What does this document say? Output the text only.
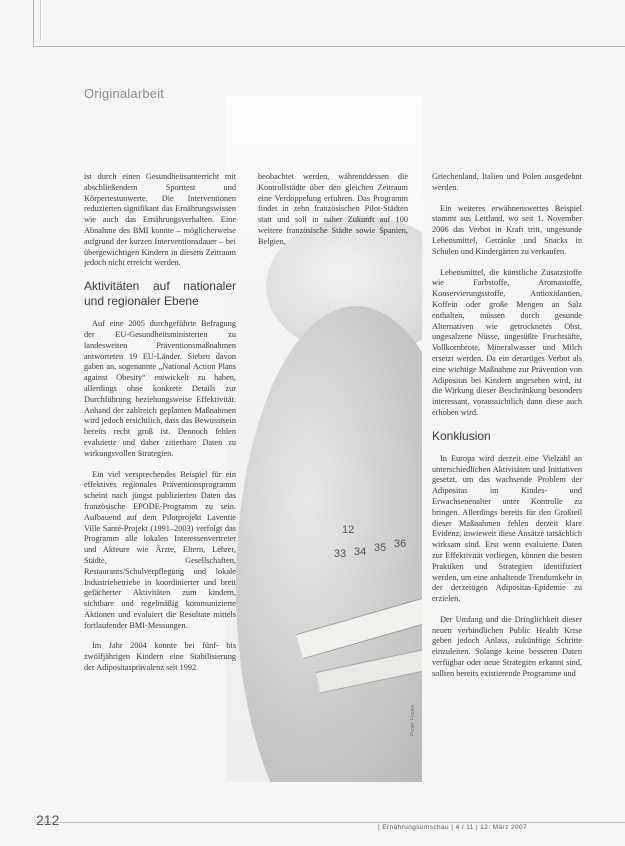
Originalarbeit
12
33 34 35 36
Photo: Fotolia

ist durch einen Gesundheitsunterricht mit abschließendem Sporttest und Körpertestunwerte. Die Interventionen reduzierten signifikant das Ernährungswissen wie auch das Ernährungsverhalten. Eine Abnahme des BMI konnte – möglicherweise aufgrund der kurzen Interventionsdauer – bei übergewichtigen Kindern in diesem Zeitraum jedoch nicht erreicht werden.

Aktivitäten auf nationaler und regionaler Ebene

Auf eine 2005 durchgeführte Befragung der EU-Gesundheitsministerien zu landesweiten Präventionsmaßnahmen antworteten 19 EU-Länder. Sieben davon gaben an, sogenannte „National Action Plans against Obesity“ entwickelt zu haben, allerdings ohne konkrete Details zur Durchführung beziehungsweise Effektivität. Anhand der zahlreich geplanten Maßnahmen wird jedoch ersichtlich, dass das Bewusstsein bereits recht groß ist. Dennoch fehlen evaluierte und daher zitierbare Daten zu wirkungsvollen Strategien.

Ein viel versprechendes Beispiel für ein effektives regionales Präventionsprogramm scheint nach jüngst publizierten Daten das französische EPODE-Programm zu sein. Aufbauend auf dem Pilotprojekt Laventie Ville Santé-Projekt (1991–2003) verfolgt das Programm alle lokalen Interessenvertreter und Akteure wie Ärzte, Eltern, Lehrer, Städte, Gesellschaften, Restaurants/Schulverpflegung und lokale Industriebetriebe in koordinierter und breit gefächerter Aktivitäten zum kindern, sichtbare und regelmäßig kommunizierte Aktionen und evaluiert die Resultate mittels fortlaufender BMI-Messungen.

Im Jahr 2004 konnte bei fünf- bis zwölfjährigen Kindern eine Stabilisierung der Adipositasprävalenz seit 1992

beobachtet werden, währenddessen die Kontrollstädte über den gleichen Zeitraum eine Verdoppelung erfuhren. Das Programm findet in zehn französischen Pilot-Städten statt und soll in naher Zukunft auf 100 weitere französische Städte sowie Spanien, Belgien,

Griechenland, Italien und Polen ausgedehnt werden.

Ein weiteres erwähnenswertes Beispiel stammt aus Lettland, wo seit 1. November 2006 das Verbot in Kraft tritt, ungesunde Lebensmittel, Getränke und Snacks in Schulen und Kindergärten zu verkaufen.

Lebensmittel, die künstliche Zusatzstoffe wie Farbstoffe, Aromastoffe, Konservierungsstoffe, Antioxidantien, Koffein oder große Mengen an Salz enthalten, müssen durch gesunde Alternativen wie getrocknetes Obst, ungesalzene Nüsse, ungesüßte Fruchtsäfte, Vollkornbrote, Mineralwasser und Milch ersetzt werden. Da ein derartiges Verbot als eine wichtige Maßnahme zur Prävention von Adipositas bei Kindern angesehen wird, ist die Wirkung dieser Beschränkung besonders interessant, voraussichtlich dann diese auch erhoben wird.

Konklusion

In Europa wird derzeit eine Vielzahl an unterschiedlichen Aktivitäten und Initiativen gesetzt, um das wachsende Problem der Adipositas im Kindes- und Erwachsenenalter unter Kontrolle zu bringen. Allerdings bereits für den Großteil dieser Maßnahmen fehlen derzeit klare Evidenz, inwieweit diese Ansätze tatsächlich wirksam sind. Erst wenn evaluierte Daten zur Effektivität vorliegen, können die besten Praktiken und Strategien identifiziert werden, um eine anhaltende Trendumkehr in der derzeitigen Adipositas-Epidemie zu erzielen.

Der Umfang und die Dringlichkeit dieser neuen verbindlichen Public Health Krise geben jedoch Anlass, zukünftige Schritte einzuleiten. Solange keine besseren Daten verfügbar oder neue Strategien erkannt sind, sollten bereits existierende Programme und

212	| Ernährungsumschau | 4 / 11 | 12. März 2007
